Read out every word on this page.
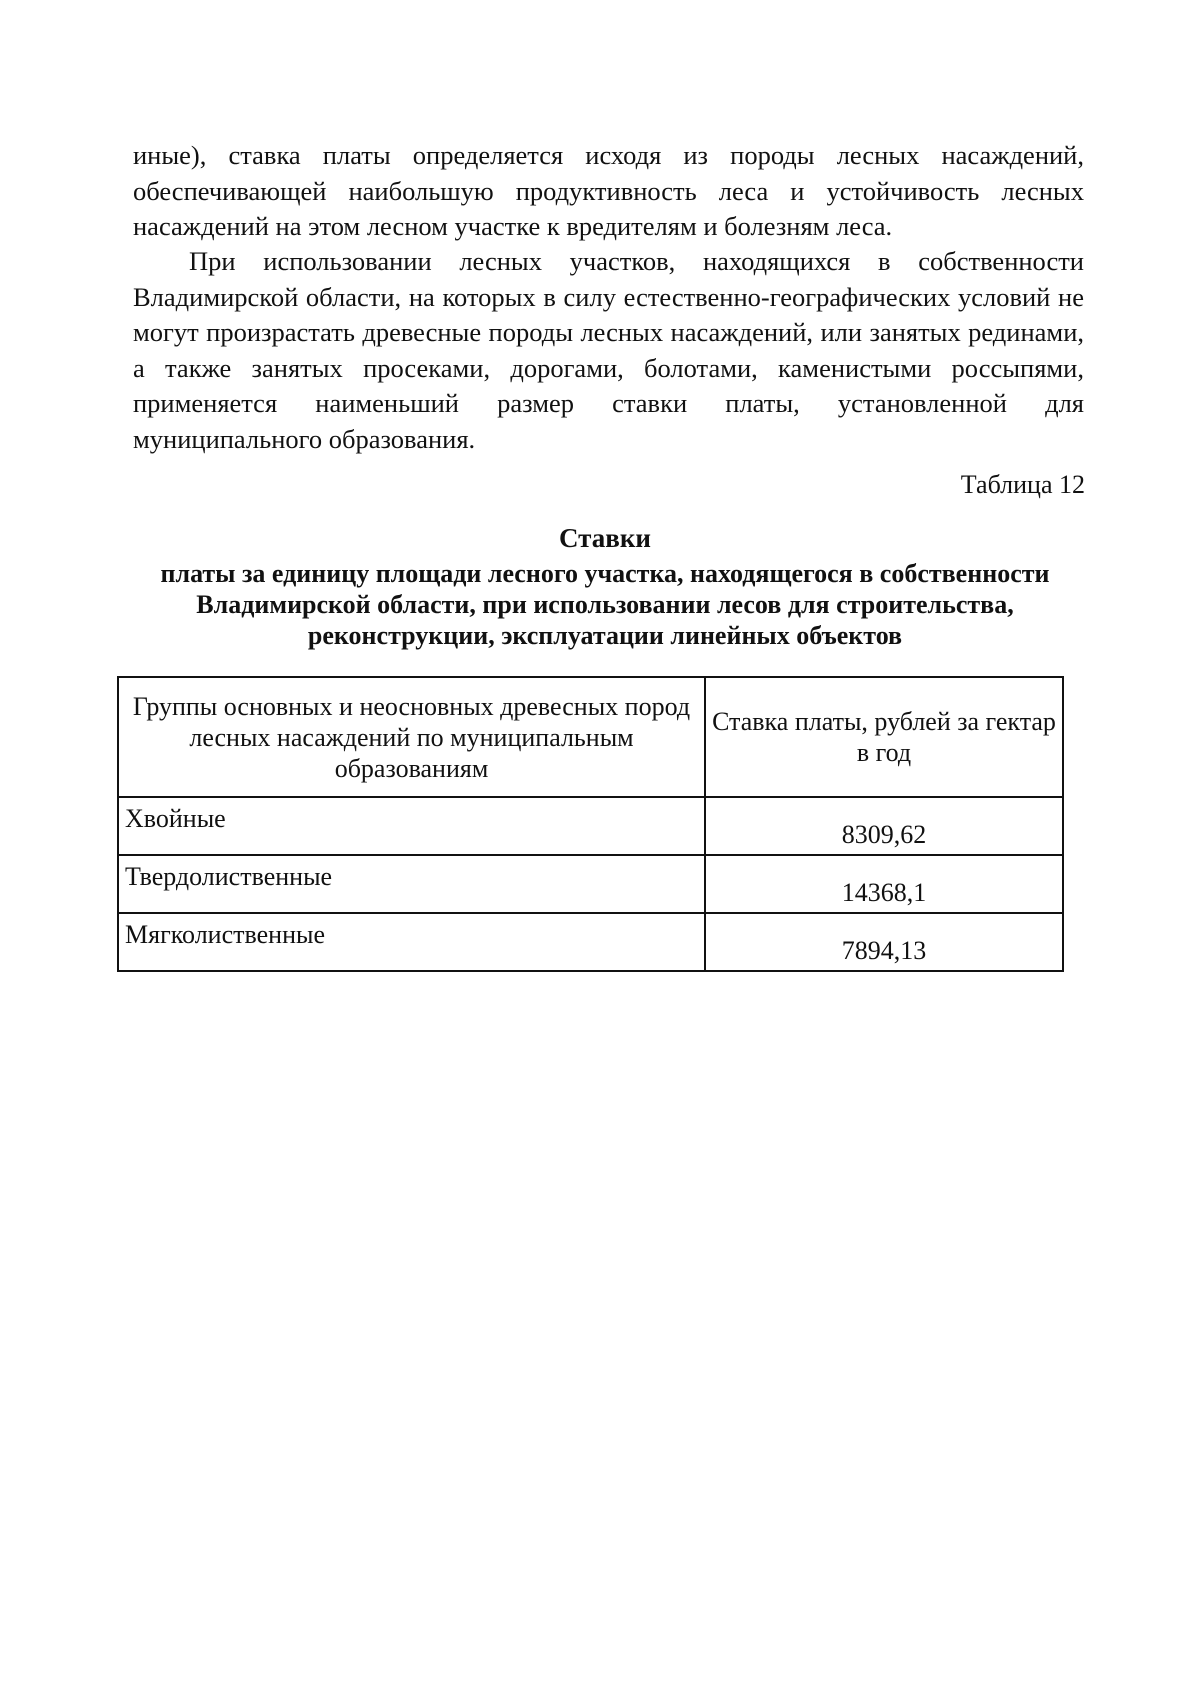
иные), ставка платы определяется исходя из породы лесных насаждений, обеспечивающей наибольшую продуктивность леса и устойчивость лесных насаждений на этом лесном участке к вредителям и болезням леса.

При использовании лесных участков, находящихся в собственности Владимирской области, на которых в силу естественно-географических условий не могут произрастать древесные породы лесных насаждений, или занятых рединами, а также занятых просеками, дорогами, болотами, каменистыми россыпями, применяется наименьший размер ставки платы, установленной для муниципального образования.

Таблица 12

Ставки
платы за единицу площади лесного участка, находящегося в собственности Владимирской области, при использовании лесов для строительства, реконструкции, эксплуатации линейных объектов
Группы основных и неосновных древесных пород лесных насаждений по муниципальным образованиям	Ставка платы, рублей за гектар в год
Хвойные	8309,62
Твердолиственные	14368,1
Мягколиственные	7894,13
